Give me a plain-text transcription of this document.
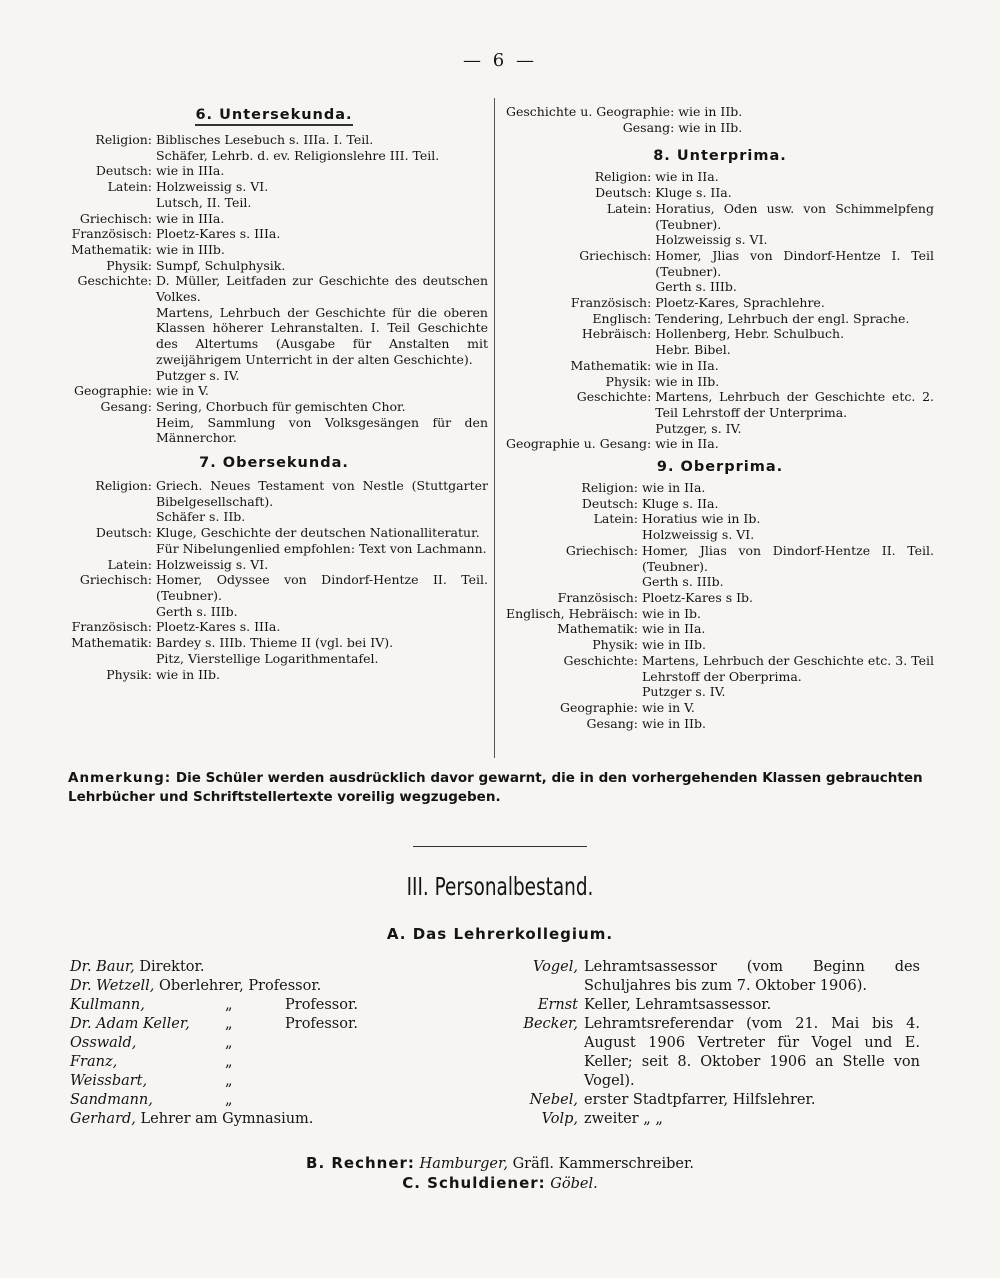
— 6 —
6. Untersekunda.
Religion:	Biblisches Lesebuch s. IIIa. I. Teil.
Schäfer, Lehrb. d. ev. Religionslehre III. Teil.

Deutsch:	wie in IIIa.

Latein:	Holzweissig s. VI.
Lutsch, II. Teil.

Griechisch:	wie in IIIa.

Französisch:	Ploetz-Kares s. IIIa.

Mathematik:	wie in IIIb.

Physik:	Sumpf, Schulphysik.

Geschichte:	D. Müller, Leitfaden zur Geschichte des deutschen Volkes.
Martens, Lehrbuch der Geschichte für die oberen Klassen höherer Lehranstalten. I. Teil Geschichte des Altertums (Ausgabe für Anstalten mit zweijährigem Unterricht in der alten Geschichte).
Putzger s. IV.

Geographie:	wie in V.

Gesang:	Sering, Chorbuch für gemischten Chor.
Heim, Sammlung von Volksgesängen für den Männerchor.
7. Obersekunda.
Religion:	Griech. Neues Testament von Nestle (Stuttgarter Bibelgesellschaft).
Schäfer s. IIb.

Deutsch:	Kluge, Geschichte der deutschen Nationalliteratur.
Für Nibelungenlied empfohlen: Text von Lachmann.

Latein:	Holzweissig s. VI.

Griechisch:	Homer, Odyssee von Dindorf-Hentze II. Teil. (Teubner).
Gerth s. IIIb.

Französisch:	Ploetz-Kares s. IIIa.

Mathematik:	Bardey s. IIIb. Thieme II (vgl. bei IV).
Pitz, Vierstellige Logarithmentafel.

Physik:	wie in IIb.
Geschichte u. Geographie:	wie in IIb.

Gesang:	wie in IIb.
8. Unterprima.
Religion:	wie in IIa.

Deutsch:	Kluge s. IIa.

Latein:	Horatius, Oden usw. von Schimmelpfeng (Teubner).
Holzweissig s. VI.

Griechisch:	Homer, Jlias von Dindorf-Hentze I. Teil (Teubner).
Gerth s. IIIb.

Französisch:	Ploetz-Kares, Sprachlehre.

Englisch:	Tendering, Lehrbuch der engl. Sprache.

Hebräisch:	Hollenberg, Hebr. Schulbuch.
Hebr. Bibel.

Mathematik:	wie in IIa.

Physik:	wie in IIb.

Geschichte:	Martens, Lehrbuch der Geschichte etc. 2. Teil Lehrstoff der Unterprima.
Putzger, s. IV.

Geographie u. Gesang:	wie in IIa.
9. Oberprima.
Religion:	wie in IIa.

Deutsch:	Kluge s. IIa.

Latein:	Horatius wie in Ib.
Holzweissig s. VI.

Griechisch:	Homer, Jlias von Dindorf-Hentze II. Teil. (Teubner).
Gerth s. IIIb.

Französisch:	Ploetz-Kares s Ib.

Englisch, Hebräisch:	wie in Ib.

Mathematik:	wie in IIa.

Physik:	wie in IIb.

Geschichte:	Martens, Lehrbuch der Geschichte etc. 3. Teil Lehrstoff der Oberprima.
Putzger s. IV.

Geographie:	wie in V.

Gesang:	wie in IIb.
Anmerkung: Die Schüler werden ausdrücklich davor gewarnt, die in den vorhergehenden Klassen gebrauchten Lehrbücher und Schriftstellertexte voreilig wegzugeben.
III. Personalbestand.
A. Das Lehrerkollegium.
Dr. Baur, Direktor.
Dr. Wetzell, Oberlehrer, Professor.
Kullmann,	„	Professor.
Dr. Adam Keller, „	Professor.
Osswald,	„
Franz,	„
Weissbart,	„
Sandmann,	„
Gerhard, Lehrer am Gymnasium.
Vogel, Lehramtsassessor (vom Beginn des Schuljahres bis zum 7. Oktober 1906).
Ernst Keller, Lehramtsassessor.
Becker, Lehramtsreferendar (vom 21. Mai bis 4. August 1906 Vertreter für Vogel und E. Keller; seit 8. Oktober 1906 an Stelle von Vogel).
Nebel, erster Stadtpfarrer, Hilfslehrer.
Volp, zweiter „ „
B. Rechner: Hamburger, Gräfl. Kammerschreiber.
C. Schuldiener: Göbel.
